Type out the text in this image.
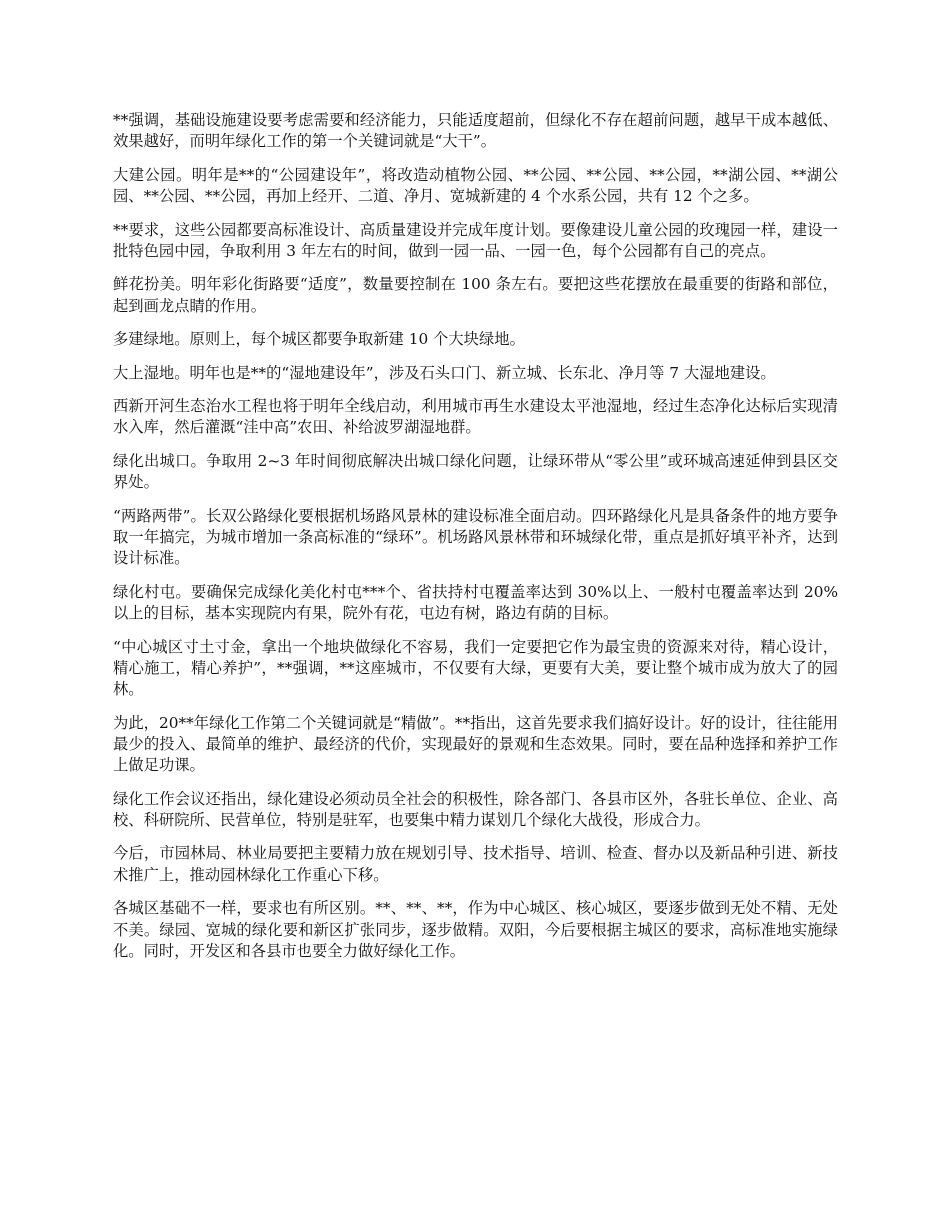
**强调，基础设施建设要考虑需要和经济能力，只能适度超前，但绿化不存在超前问题，越早干成本越低、效果越好，而明年绿化工作的第一个关键词就是“大干”。

大建公园。明年是**的“公园建设年”，将改造动植物公园、**公园、**公园、**公园，**湖公园、**湖公园、**公园、**公园，再加上经开、二道、净月、宽城新建的 4 个水系公园，共有 12 个之多。

**要求，这些公园都要高标准设计、高质量建设并完成年度计划。要像建设儿童公园的玫瑰园一样，建设一批特色园中园，争取利用 3 年左右的时间，做到一园一品、一园一色，每个公园都有自己的亮点。

鲜花扮美。明年彩化街路要“适度”，数量要控制在 100 条左右。要把这些花摆放在最重要的街路和部位，起到画龙点睛的作用。

多建绿地。原则上，每个城区都要争取新建 10 个大块绿地。

大上湿地。明年也是**的“湿地建设年”，涉及石头口门、新立城、长东北、净月等 7 大湿地建设。

西新开河生态治水工程也将于明年全线启动，利用城市再生水建设太平池湿地，经过生态净化达标后实现清水入库，然后灌溉“洼中高”农田、补给波罗湖湿地群。

绿化出城口。争取用 2~3 年时间彻底解决出城口绿化问题，让绿环带从“零公里”或环城高速延伸到县区交界处。

“两路两带”。长双公路绿化要根据机场路风景林的建设标准全面启动。四环路绿化凡是具备条件的地方要争取一年搞完，为城市增加一条高标准的“绿环”。机场路风景林带和环城绿化带，重点是抓好填平补齐，达到设计标准。

绿化村屯。要确保完成绿化美化村屯***个、省扶持村屯覆盖率达到 30%以上、一般村屯覆盖率达到 20%以上的目标，基本实现院内有果，院外有花，屯边有树，路边有荫的目标。

“中心城区寸土寸金，拿出一个地块做绿化不容易，我们一定要把它作为最宝贵的资源来对待，精心设计，精心施工，精心养护”，**强调，**这座城市，不仅要有大绿，更要有大美，要让整个城市成为放大了的园林。

为此，20**年绿化工作第二个关键词就是“精做”。**指出，这首先要求我们搞好设计。好的设计，往往能用最少的投入、最简单的维护、最经济的代价，实现最好的景观和生态效果。同时，要在品种选择和养护工作上做足功课。

绿化工作会议还指出，绿化建设必须动员全社会的积极性，除各部门、各县市区外，各驻长单位、企业、高校、科研院所、民营单位，特别是驻军，也要集中精力谋划几个绿化大战役，形成合力。

今后，市园林局、林业局要把主要精力放在规划引导、技术指导、培训、检查、督办以及新品种引进、新技术推广上，推动园林绿化工作重心下移。

各城区基础不一样，要求也有所区别。**、**、**，作为中心城区、核心城区，要逐步做到无处不精、无处不美。绿园、宽城的绿化要和新区扩张同步，逐步做精。双阳，今后要根据主城区的要求，高标准地实施绿化。同时，开发区和各县市也要全力做好绿化工作。
